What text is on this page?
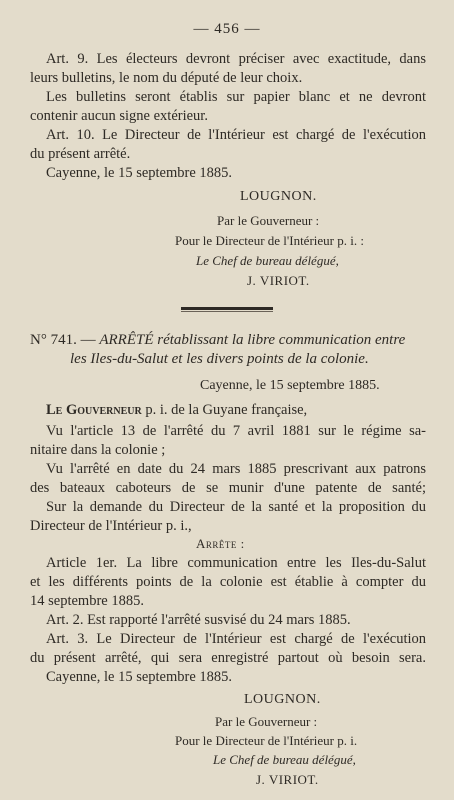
— 456 —
Art. 9. Les électeurs devront préciser avec exactitude, dans
leurs bulletins, le nom du député de leur choix.
Les bulletins seront établis sur papier blanc et ne devront
contenir aucun signe extérieur.
Art. 10. Le Directeur de l'Intérieur est chargé de l'exécution
du présent arrêté.
Cayenne, le 15 septembre 1885.
LOUGNON.
Par le Gouverneur :
Pour le Directeur de l'Intérieur p. i. :
Le Chef de bureau délégué,
J. VIRIOT.
N° 741. — ARRÊTÉ rétablissant la libre communication entre
les Iles-du-Salut et les divers points de la colonie.
Cayenne, le 15 septembre 1885.
Le Gouverneur p. i. de la Guyane française,
Vu l'article 13 de l'arrêté du 7 avril 1881 sur le régime sa-
nitaire dans la colonie ;
Vu l'arrêté en date du 24 mars 1885 prescrivant aux patrons
des bateaux caboteurs de se munir d'une patente de santé;
Sur la demande du Directeur de la santé et la proposition du
Directeur de l'Intérieur p. i.,
Arrête :
Article 1er. La libre communication entre les Iles-du-Salut
et les différents points de la colonie est établie à compter du
14 septembre 1885.
Art. 2. Est rapporté l'arrêté susvisé du 24 mars 1885.
Art. 3. Le Directeur de l'Intérieur est chargé de l'exécution
du présent arrêté, qui sera enregistré partout où besoin sera.
Cayenne, le 15 septembre 1885.
LOUGNON.
Par le Gouverneur :
Pour le Directeur de l'Intérieur p. i.
Le Chef de bureau délégué,
J. VIRIOT.
